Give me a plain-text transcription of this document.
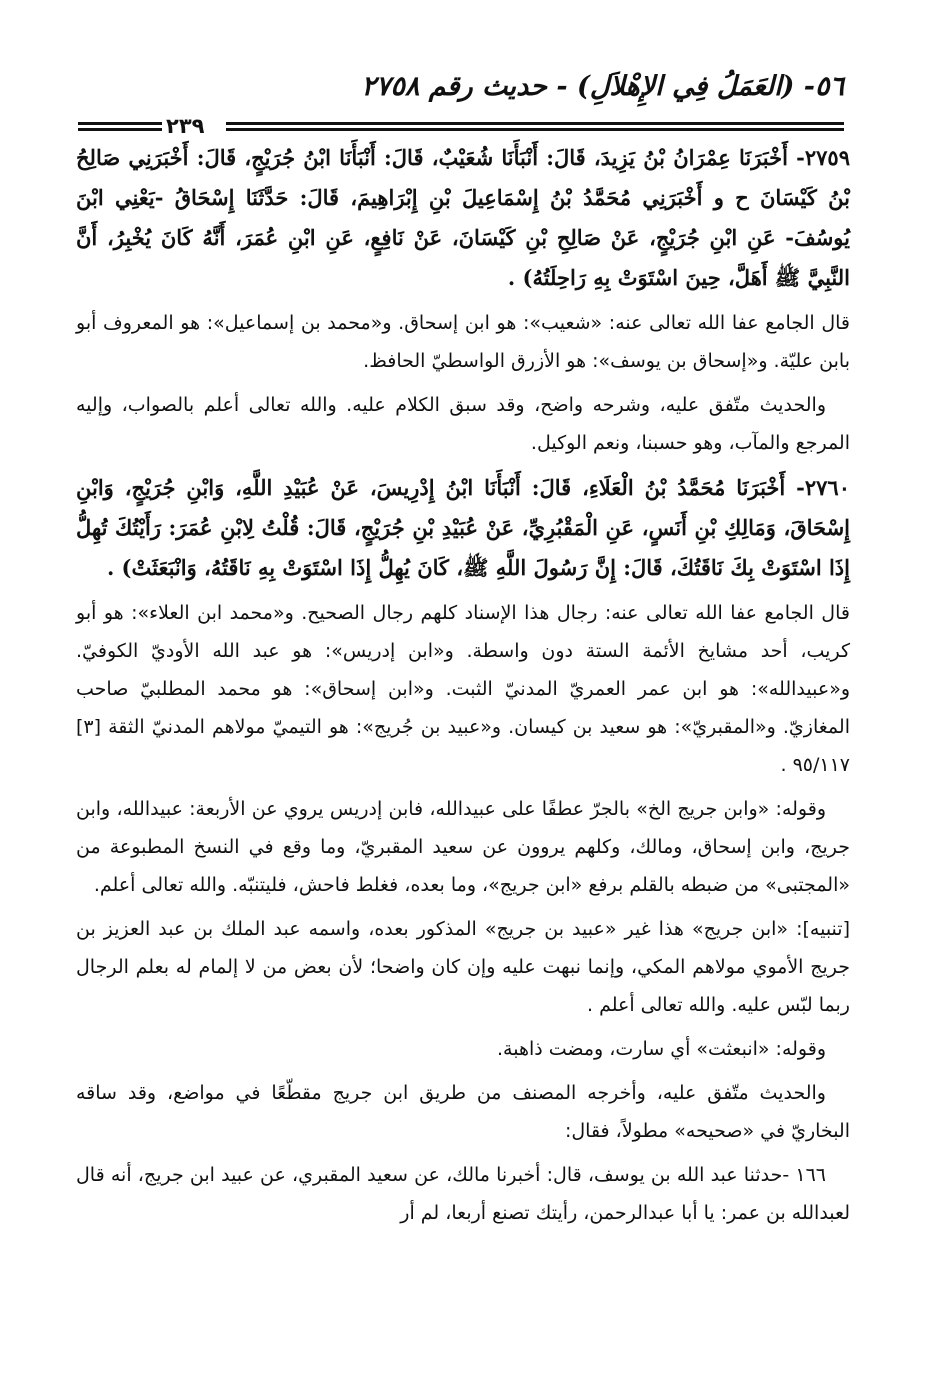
٥٦- (العَمَلُ فِي الإِهْلاَلِ) - حديث رقم ٢٧٥٨
٢٣٩

٢٧٥٩- أَخْبَرَنَا عِمْرَانُ بْنُ يَزِيدَ، قَالَ: أَنْبَأَنَا شُعَيْبٌ، قَالَ: أَنْبَأَنَا ابْنُ جُرَيْجٍ، قَالَ: أَخْبَرَنِي صَالِحُ بْنُ كَيْسَانَ ح و أَخْبَرَنِي مُحَمَّدُ بْنُ إِسْمَاعِيلَ بْنِ إِبْرَاهِيمَ، قَالَ: حَدَّثَنَا إِسْحَاقُ -يَعْنِي ابْنَ يُوسُفَ- عَنِ ابْنِ جُرَيْجٍ، عَنْ صَالِحِ بْنِ كَيْسَانَ، عَنْ نَافِعٍ، عَنِ ابْنِ عُمَرَ، أَنَّهُ كَانَ يُخْبِرُ، أَنَّ النَّبِيَّ ﷺ أَهَلَّ، حِينَ اسْتَوَتْ بِهِ رَاحِلَتُهُ) .

قال الجامع عفا الله تعالى عنه: «شعيب»: هو ابن إسحاق. و«محمد بن إسماعيل»: هو المعروف أبو بابن عليّة. و«إسحاق بن يوسف»: هو الأزرق الواسطيّ الحافظ.

والحديث متّفق عليه، وشرحه واضح، وقد سبق الكلام عليه. والله تعالى أعلم بالصواب، وإليه المرجع والمآب، وهو حسبنا، ونعم الوكيل.

٢٧٦٠- أَخْبَرَنَا مُحَمَّدُ بْنُ الْعَلَاءِ، قَالَ: أَنْبَأَنَا ابْنُ إِدْرِيسَ، عَنْ عُبَيْدِ اللَّهِ، وَابْنِ جُرَيْجٍ، وَابْنِ إِسْحَاقَ، وَمَالِكِ بْنِ أَنَسٍ، عَنِ الْمَقْبُرِيِّ، عَنْ عُبَيْدِ بْنِ جُرَيْجٍ، قَالَ: قُلْتُ لِابْنِ عُمَرَ: رَأَيْتُكَ تُهِلُّ إِذَا اسْتَوَتْ بِكَ نَاقَتُكَ، قَالَ: إِنَّ رَسُولَ اللَّهِ ﷺ، كَانَ يُهِلُّ إِذَا اسْتَوَتْ بِهِ نَاقَتُهُ، وَانْبَعَثَتْ) .

قال الجامع عفا الله تعالى عنه: رجال هذا الإسناد كلهم رجال الصحيح. و«محمد ابن العلاء»: هو أبو كريب، أحد مشايخ الأئمة الستة دون واسطة. و«ابن إدريس»: هو عبد الله الأوديّ الكوفيّ. و«عبيدالله»: هو ابن عمر العمريّ المدنيّ الثبت. و«ابن إسحاق»: هو محمد المطلبيّ صاحب المغازيّ. و«المقبريّ»: هو سعيد بن كيسان. و«عبيد بن جُريج»: هو التيميّ مولاهم المدنيّ الثقة [٣] ٩٥/١١٧ .

وقوله: «وابن جريج الخ» بالجرّ عطفًا على عبيدالله، فابن إدريس يروي عن الأربعة: عبيدالله، وابن جريج، وابن إسحاق، ومالك، وكلهم يروون عن سعيد المقبريّ، وما وقع في النسخ المطبوعة من «المجتبى» من ضبطه بالقلم برفع «ابن جريج»، وما بعده، فغلط فاحش، فليتنبّه. والله تعالى أعلم.

[تنبيه]: «ابن جريج» هذا غير «عبيد بن جريج» المذكور بعده، واسمه عبد الملك بن عبد العزيز بن جريج الأموي مولاهم المكي، وإنما نبهت عليه وإن كان واضحا؛ لأن بعض من لا إلمام له بعلم الرجال ربما لبّس عليه. والله تعالى أعلم .

وقوله: «انبعثت» أي سارت، ومضت ذاهبة.

والحديث متّفق عليه، وأخرجه المصنف من طريق ابن جريج مقطّعًا في مواضع، وقد ساقه البخاريّ في «صحيحه» مطولاً، فقال:

١٦٦ -حدثنا عبد الله بن يوسف، قال: أخبرنا مالك، عن سعيد المقبري، عن عبيد ابن جريج، أنه قال لعبدالله بن عمر: يا أبا عبدالرحمن، رأيتك تصنع أربعا، لم أر
